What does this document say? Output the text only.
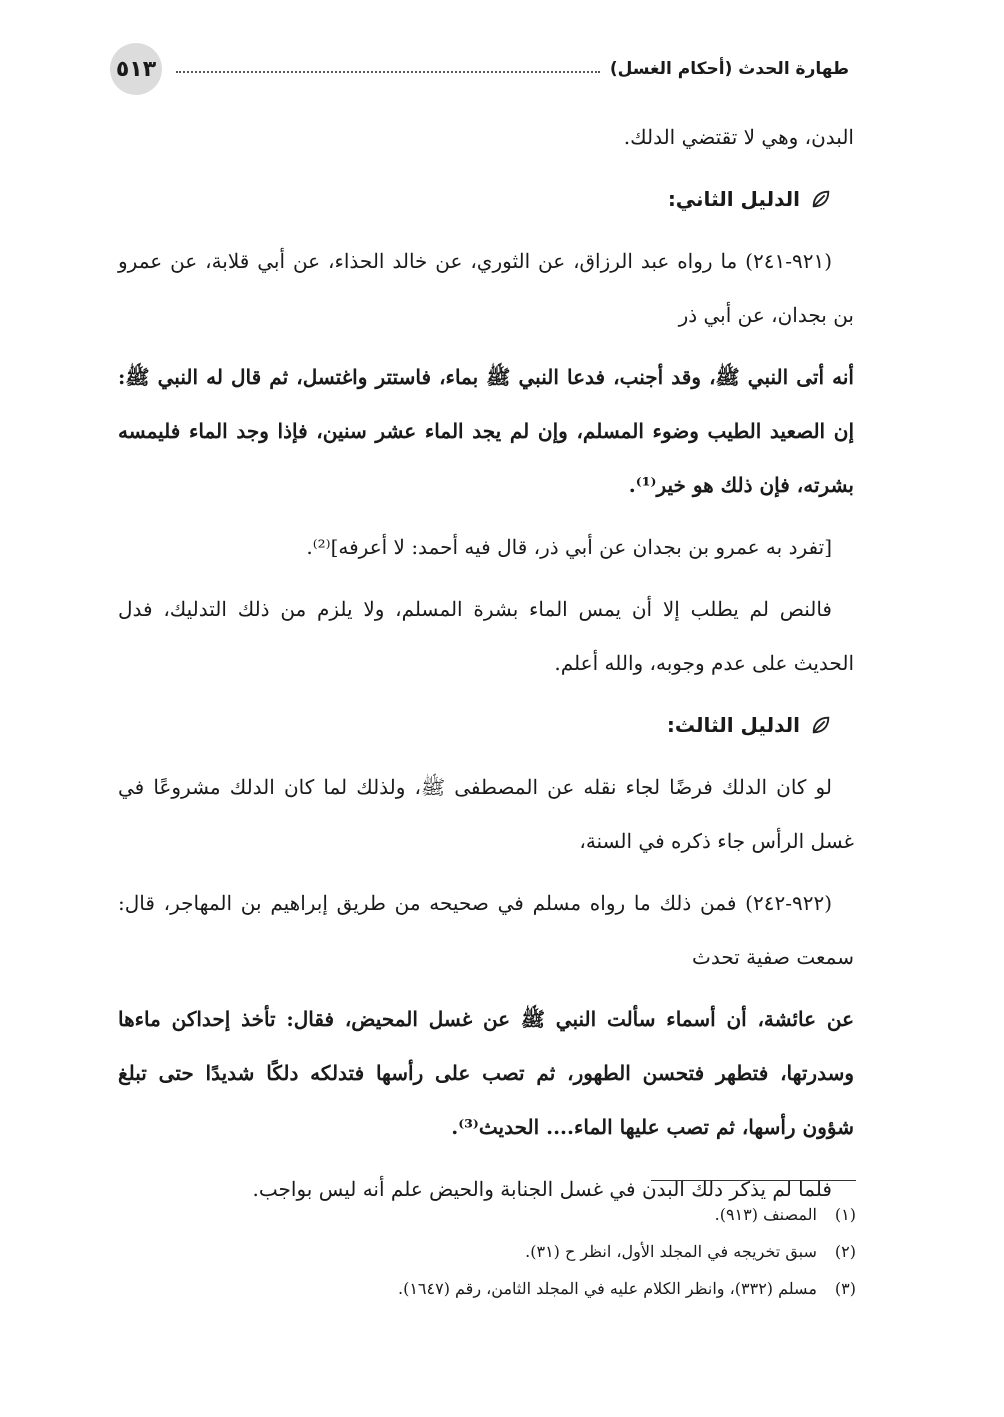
٥١٣	طهارة الحدث (أحكام الغسل)

البدن، وهي لا تقتضي الدلك.

الدليل الثاني:

(٩٢١-٢٤١) ما رواه عبد الرزاق، عن الثوري، عن خالد الحذاء، عن أبي قلابة، عن عمرو بن بجدان، عن أبي ذر

أنه أتى النبي ﷺ، وقد أجنب، فدعا النبي ﷺ بماء، فاستتر واغتسل، ثم قال له النبي ﷺ: إن الصعيد الطيب وضوء المسلم، وإن لم يجد الماء عشر سنين، فإذا وجد الماء فليمسه بشرته، فإن ذلك هو خير⁽¹⁾.

[تفرد به عمرو بن بجدان عن أبي ذر، قال فيه أحمد: لا أعرفه]⁽²⁾.

فالنص لم يطلب إلا أن يمس الماء بشرة المسلم، ولا يلزم من ذلك التدليك، فدل الحديث على عدم وجوبه، والله أعلم.

الدليل الثالث:

لو كان الدلك فرضًا لجاء نقله عن المصطفى ﷺ، ولذلك لما كان الدلك مشروعًا في غسل الرأس جاء ذكره في السنة،

(٩٢٢-٢٤٢) فمن ذلك ما رواه مسلم في صحيحه من طريق إبراهيم بن المهاجر، قال: سمعت صفية تحدث

عن عائشة، أن أسماء سألت النبي ﷺ عن غسل المحيض، فقال: تأخذ إحداكن ماءها وسدرتها، فتطهر فتحسن الطهور، ثم تصب على رأسها فتدلكه دلكًا شديدًا حتى تبلغ شؤون رأسها، ثم تصب عليها الماء.... الحديث⁽³⁾.

فلما لم يذكر دلك البدن في غسل الجنابة والحيض علم أنه ليس بواجب.

(١)
المصنف (٩١٣).
(٢)
سبق تخريجه في المجلد الأول، انظر ح (٣١).
(٣)
مسلم (٣٣٢)، وانظر الكلام عليه في المجلد الثامن، رقم (١٦٤٧).
